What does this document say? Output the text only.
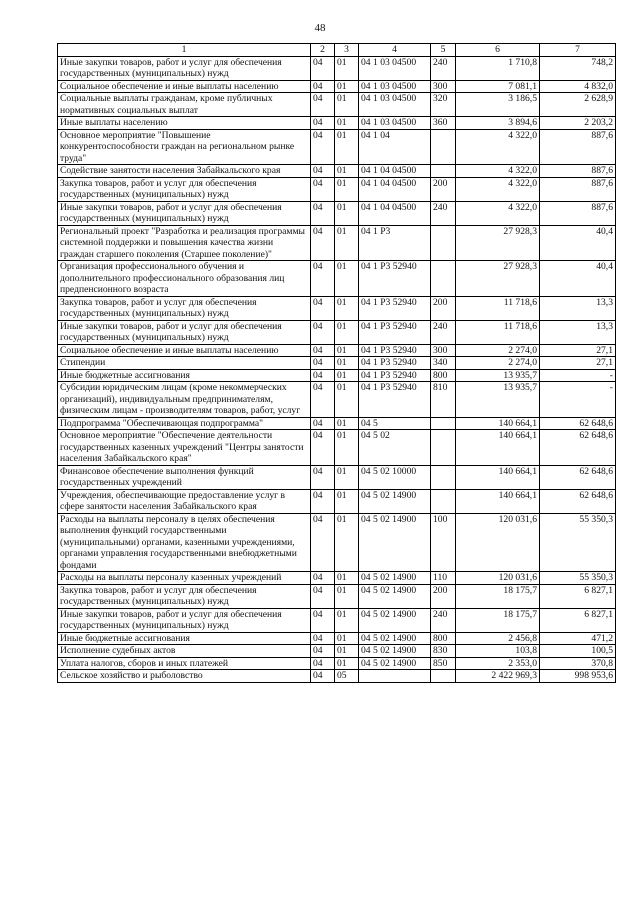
48
1	2	3	4	5	6	7
Иные закупки товаров, работ и услуг для обеспечения государственных (муниципальных) нужд	04	01	04 1 03 04500	240	1 710,8	748,2
Социальное обеспечение и иные выплаты населению	04	01	04 1 03 04500	300	7 081,1	4 832,0
Социальные выплаты гражданам, кроме публичных нормативных социальных выплат	04	01	04 1 03 04500	320	3 186,5	2 628,9
Иные выплаты населению	04	01	04 1 03 04500	360	3 894,6	2 203,2
Основное мероприятие "Повышение конкурентоспособности граждан на региональном рынке труда"	04	01	04 1 04		4 322,0	887,6
Содействие занятости населения Забайкальского края	04	01	04 1 04 04500		4 322,0	887,6
Закупка товаров, работ и услуг для обеспечения государственных (муниципальных) нужд	04	01	04 1 04 04500	200	4 322,0	887,6
Иные закупки товаров, работ и услуг для обеспечения государственных (муниципальных) нужд	04	01	04 1 04 04500	240	4 322,0	887,6
Региональный проект "Разработка и реализация программы системной поддержки и повышения качества жизни граждан старшего поколения (Старшее поколение)"	04	01	04 1 P3		27 928,3	40,4
Организация профессионального обучения и дополнительного профессионального образования лиц предпенсионного возраста	04	01	04 1 P3 52940		27 928,3	40,4
Закупка товаров, работ и услуг для обеспечения государственных (муниципальных) нужд	04	01	04 1 P3 52940	200	11 718,6	13,3
Иные закупки товаров, работ и услуг для обеспечения государственных (муниципальных) нужд	04	01	04 1 P3 52940	240	11 718,6	13,3
Социальное обеспечение и иные выплаты населению	04	01	04 1 P3 52940	300	2 274,0	27,1
Стипендии	04	01	04 1 P3 52940	340	2 274,0	27,1
Иные бюджетные ассигнования	04	01	04 1 P3 52940	800	13 935,7	-
Субсидии юридическим лицам (кроме некоммерческих организаций), индивидуальным предпринимателям, физическим лицам - производителям товаров, работ, услуг	04	01	04 1 P3 52940	810	13 935,7	-
Подпрограмма "Обеспечивающая подпрограмма"	04	01	04 5		140 664,1	62 648,6
Основное мероприятие "Обеспечение деятельности государственных казенных учреждений "Центры занятости населения Забайкальского края"	04	01	04 5 02		140 664,1	62 648,6
Финансовое обеспечение выполнения функций государственных учреждений	04	01	04 5 02 10000		140 664,1	62 648,6
Учреждения, обеспечивающие предоставление услуг в сфере занятости населения Забайкальского края	04	01	04 5 02 14900		140 664,1	62 648,6
Расходы на выплаты персоналу в целях обеспечения выполнения функций государственными (муниципальными) органами, казенными учреждениями, органами управления государственными внебюджетными фондами	04	01	04 5 02 14900	100	120 031,6	55 350,3
Расходы на выплаты персоналу казенных учреждений	04	01	04 5 02 14900	110	120 031,6	55 350,3
Закупка товаров, работ и услуг для обеспечения государственных (муниципальных) нужд	04	01	04 5 02 14900	200	18 175,7	6 827,1
Иные закупки товаров, работ и услуг для обеспечения государственных (муниципальных) нужд	04	01	04 5 02 14900	240	18 175,7	6 827,1
Иные бюджетные ассигнования	04	01	04 5 02 14900	800	2 456,8	471,2
Исполнение судебных актов	04	01	04 5 02 14900	830	103,8	100,5
Уплата налогов, сборов и иных платежей	04	01	04 5 02 14900	850	2 353,0	370,8
Сельское хозяйство и рыболовство	04	05			2 422 969,3	998 953,6
